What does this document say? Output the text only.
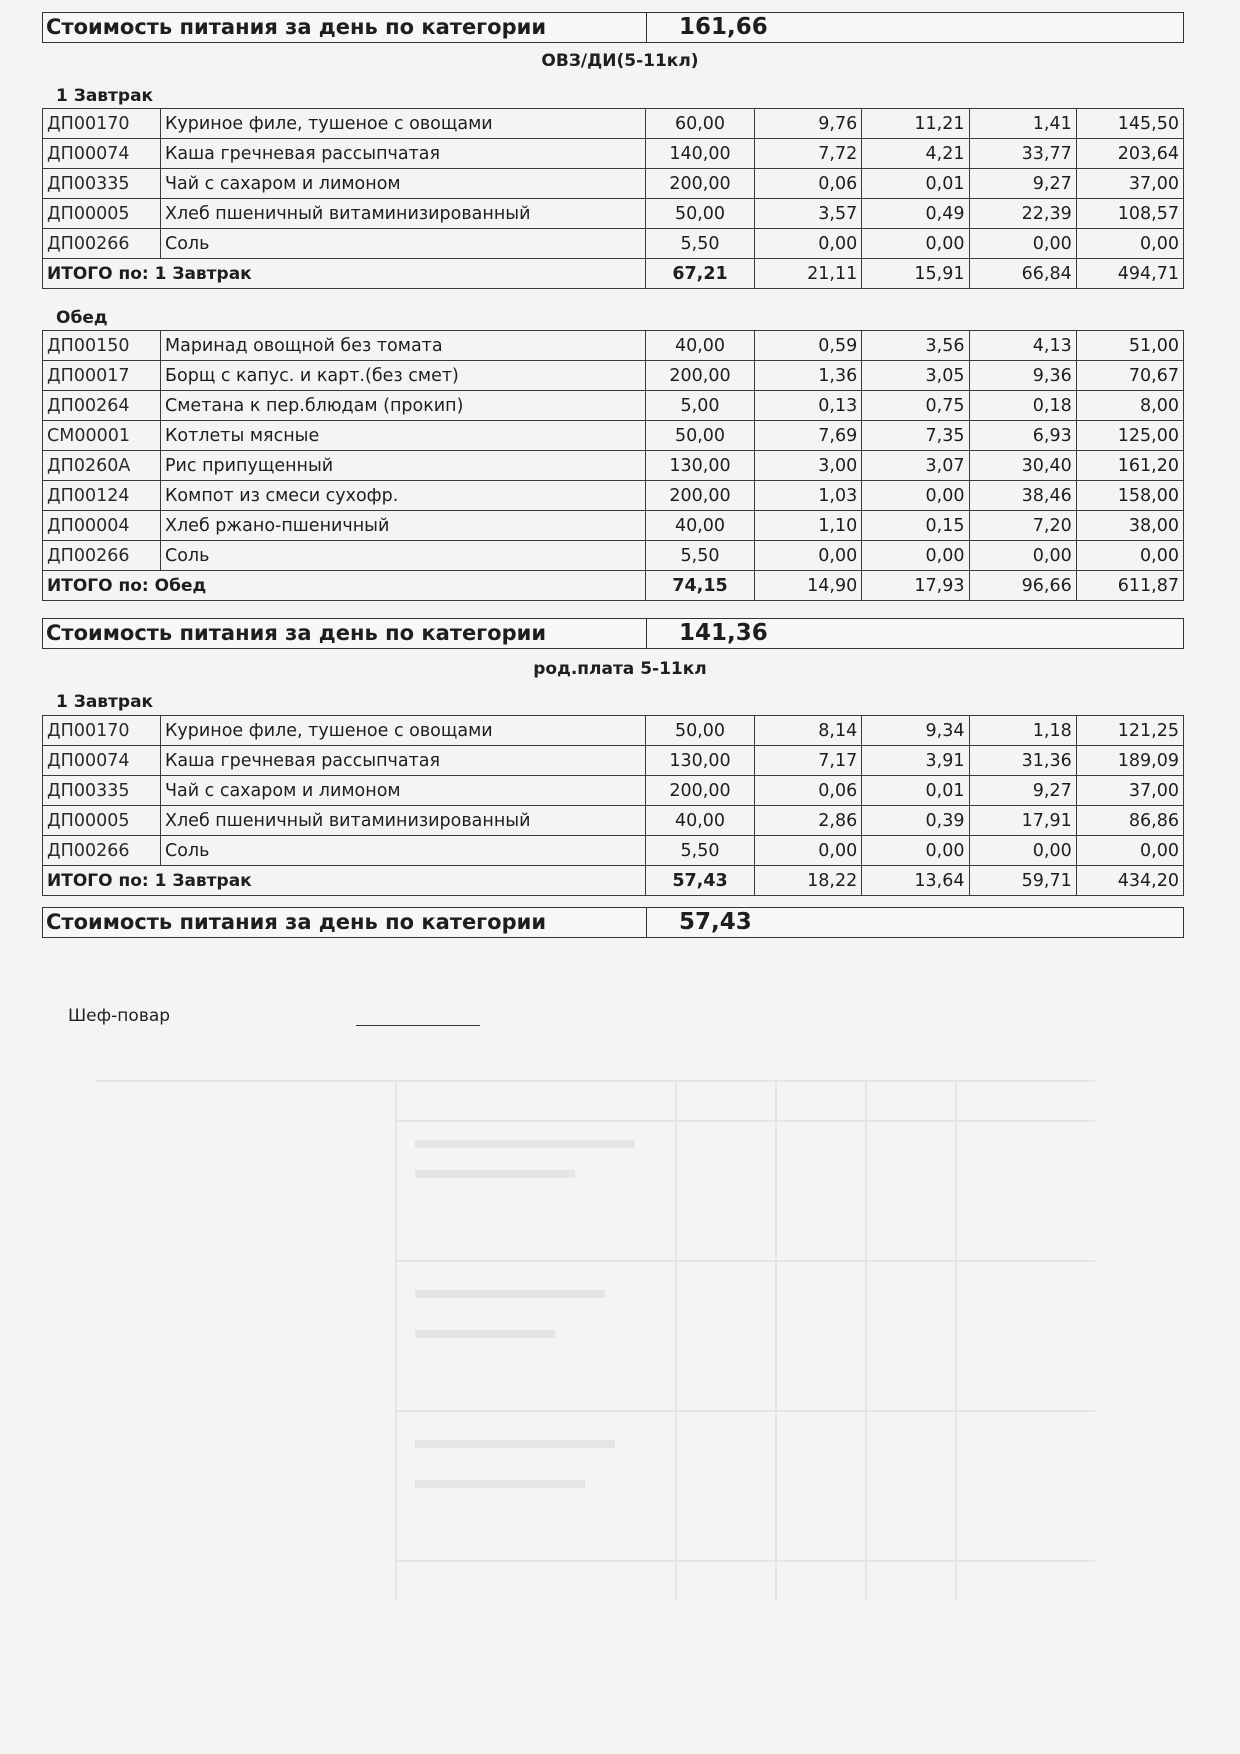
Стоимость питания за день по категории	161,66
ОВЗ/ДИ(5-11кл)
1 Завтрак
ДП00170	Куриное филе, тушеное с овощами	60,00	9,76	11,21	1,41	145,50
ДП00074	Каша гречневая рассыпчатая	140,00	7,72	4,21	33,77	203,64
ДП00335	Чай с сахаром и лимоном	200,00	0,06	0,01	9,27	37,00
ДП00005	Хлеб пшеничный витаминизированный	50,00	3,57	0,49	22,39	108,57
ДП00266	Соль	5,50	0,00	0,00	0,00	0,00
ИТОГО по: 1 Завтрак		67,21	21,11	15,91	66,84	494,71
Обед
ДП00150	Маринад овощной без томата	40,00	0,59	3,56	4,13	51,00
ДП00017	Борщ с капус. и карт.(без смет)	200,00	1,36	3,05	9,36	70,67
ДП00264	Сметана к пер.блюдам (прокип)	5,00	0,13	0,75	0,18	8,00
СМ00001	Котлеты мясные	50,00	7,69	7,35	6,93	125,00
ДП0260А	Рис припущенный	130,00	3,00	3,07	30,40	161,20
ДП00124	Компот из смеси сухофр.	200,00	1,03	0,00	38,46	158,00
ДП00004	Хлеб ржано-пшеничный	40,00	1,10	0,15	7,20	38,00
ДП00266	Соль	5,50	0,00	0,00	0,00	0,00
ИТОГО по: Обед		74,15	14,90	17,93	96,66	611,87
Стоимость питания за день по категории	141,36
род.плата 5-11кл
1 Завтрак
ДП00170	Куриное филе, тушеное с овощами	50,00	8,14	9,34	1,18	121,25
ДП00074	Каша гречневая рассыпчатая	130,00	7,17	3,91	31,36	189,09
ДП00335	Чай с сахаром и лимоном	200,00	0,06	0,01	9,27	37,00
ДП00005	Хлеб пшеничный витаминизированный	40,00	2,86	0,39	17,91	86,86
ДП00266	Соль	5,50	0,00	0,00	0,00	0,00
ИТОГО по: 1 Завтрак		57,43	18,22	13,64	59,71	434,20
Стоимость питания за день по категории	57,43
Шеф-повар
